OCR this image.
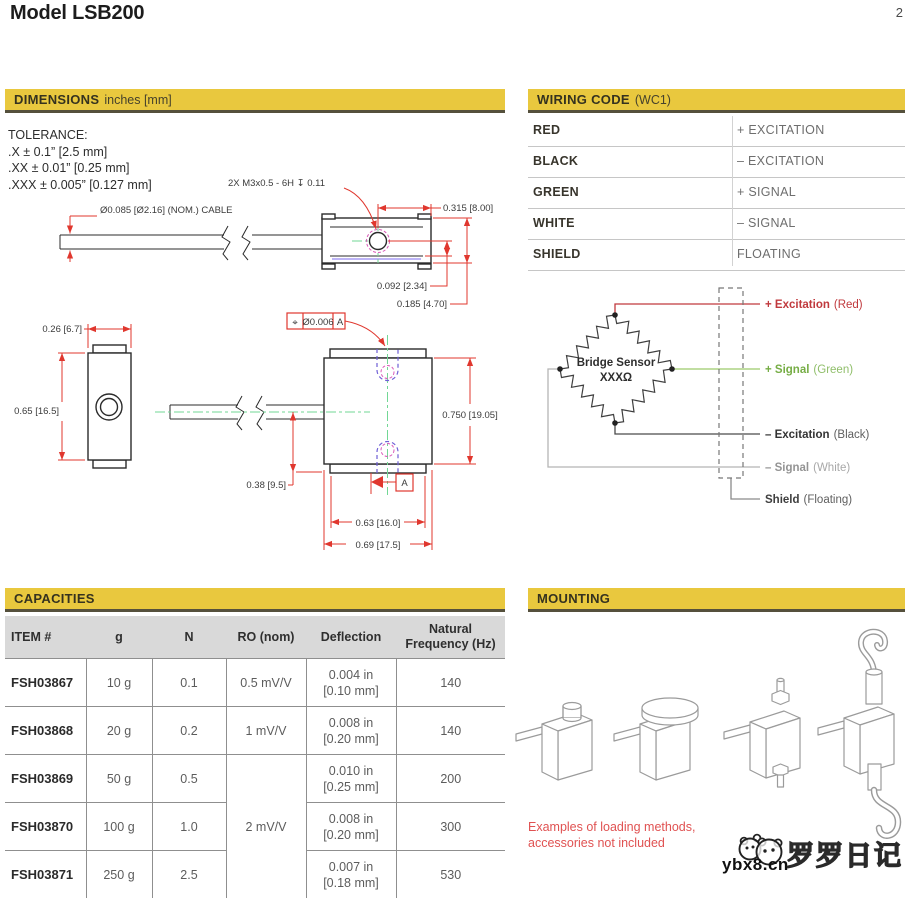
Model LSB200	2
DIMENSIONS inches [mm]
TOLERANCE:
.X ± 0.1” [2.5 mm]
.XX ± 0.01” [0.25 mm]
.XXX ± 0.005” [0.127 mm]
0.315 [8.00]
2X M3x0.5 - 6H ↧ 0.11
Ø0.085 [Ø2.16] (NOM.) CABLE
0.092 [2.34]
0.185 [4.70]
0.26 [6.7]
0.65 [16.5]
⌖ Ø0.006 A
0.750 [19.05]
0.38 [9.5]	A
0.63 [16.0]
0.69 [17.5]
WIRING CODE (WC1)
RED	+ EXCITATION
BLACK	– EXCITATION
GREEN	+ SIGNAL
WHITE	– SIGNAL
SHIELD	FLOATING
Bridge Sensor
XXXΩ
+ Excitation (Red)
+ Signal (Green)
– Excitation (Black)
– Signal (White)
Shield (Floating)
CAPACITIES
ITEM #	g	N	RO (nom)	Deflection	Natural Frequency (Hz)
FSH03867	10 g	0.1	0.5 mV/V	0.004 in
[0.10 mm]	140
FSH03868	20 g	0.2	1 mV/V	0.008 in
[0.20 mm]	140
FSH03869	50 g	0.5	2 mV/V	0.010 in
[0.25 mm]	200
FSH03870	100 g	1.0		0.008 in
[0.20 mm]	300
FSH03871	250 g	2.5		0.007 in
[0.18 mm]	530
MOUNTING
Examples of loading methods,
accessories not included
ybx8.cn
罗罗日记
